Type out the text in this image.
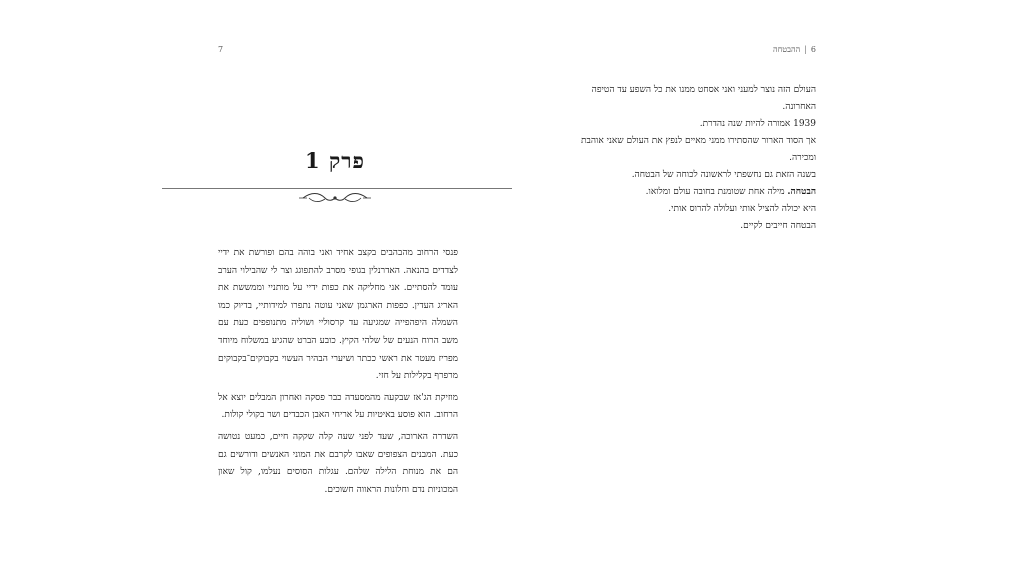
7
פרק 1

פנסי הרחוב מהבהבים בקצב אחיד ואני בוהה בהם ופורשת את ידיי לצדדים בהנאה. האדרנלין בגופי מסרב להתפוגג וצר לי שהבילוי הערב עומד להסתיים. אני מחליקה את כפות ידיי על מותניי וממששת את האריג העדין. כפפות הארגמן שאני עוטה נתפרו למידותיי, בדיוק כמו השמלה היפהפייה שמגיעה עד קרסוליי ושוליה מתנופפים כעת עם משב הרוח הנעים של שלהי הקיץ. כובע הברט שהגיע במשלוח מיוחד מפריז מעטר את ראשי ככתר ושיערי הבהיר העשוי בקבוקים־בקבוקים מרפרף בקלילות על חזי.

מוזיקת הג'אז שבקעה מהמסעדה כבר פסקה ואחרון המבלים יוצא אל הרחוב. הוא פוסע באיטיות על אריחי האבן הכבדים ושר בקולי קולות.

השדרה הארוכה, שעד לפני שעה קלה שקקה חיים, כמעט נטושה כעת. המבנים הצפופים שאבו לקרבם את המוני האנשים ודורשים גם הם את מנוחת הלילה שלהם. עגלות הסוסים נעלמו, קול שאון המכוניות נדם וחלונות הראווה חשוכים.

6|ההבטחה

העולם הזה נוצר למעני ואני אסחט ממנו את כל השפע עד הטיפה האחרונה.

1939 אמורה להיות שנה נהדרת.

אך הסוד הארור שהסתירו ממני מאיים לנפץ את העולם שאני אוהבת ומכירה.

בשנה הזאת גם נחשפתי לראשונה לכוחה של הבטחה.

הבטחה. מילה אחת שטומנת בחובה עולם ומלואו.

היא יכולה להציל אותי ועלולה להרוס אותי.

הבטחה חייבים לקיים.
